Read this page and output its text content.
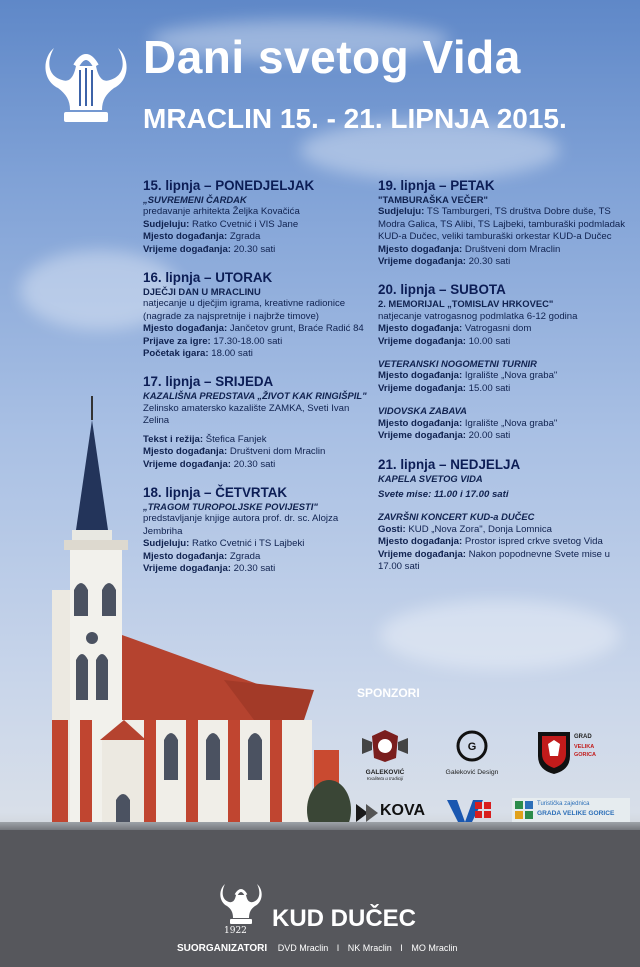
Dani svetog Vida
MRACLIN 15. - 21. LIPNJA 2015.
15. lipnja – PONEDJELJAK
„SUVREMENI ČARDAK
predavanje arhitekta Željka Kovačića
Sudjeluju: Ratko Cvetnić i VIS Jane
Mjesto događanja: Zgrada
Vrijeme događanja: 20.30 sati
16. lipnja – UTORAK
DJEČJI DAN U MRACLINU
natjecanje u dječjim igrama, kreativne radionice (nagrade za najspretnije i najbrže timove)
Mjesto događanja: Jančetov grunt, Braće Radić 84
Prijave za igre: 17.30-18.00 sati
Početak igara: 18.00 sati
17. lipnja – SRIJEDA
KAZALIŠNA PREDSTAVA „ŽIVOT KAK RINGIŠPIL"
Zelinsko amatersko kazalište ZAMKA, Sveti Ivan Zelina
Tekst i režija: Štefica Fanjek
Mjesto događanja: Društveni dom Mraclin
Vrijeme događanja: 20.30 sati
18. lipnja – ČETVRTAK
„TRAGOM TUROPOLJSKE POVIJESTI"
predstavljanje knjige autora prof. dr. sc. Alojza Jembriha
Sudjeluju: Ratko Cvetnić i TS Lajbeki
Mjesto događanja: Zgrada
Vrijeme događanja: 20.30 sati
19. lipnja – PETAK
"TAMBURAŠKA VEČER"
Sudjeluju: TS Tamburgeri, TS društva Dobre duše, TS Modra Galica, TS Alibi, TS Lajbeki, tamburaški podmladak KUD-a Dučec, veliki tamburaški orkestar KUD-a Dučec
Mjesto događanja: Društveni dom Mraclin
Vrijeme događanja: 20.30 sati
20. lipnja – SUBOTA
2. MEMORIJAL „TOMISLAV HRKOVEC"
natjecanje vatrogasnog podmlatka 6-12 godina
Mjesto događanja: Vatrogasni dom
Vrijeme događanja: 10.00 sati
VETERANSKI NOGOMETNI TURNIR
Mjesto događanja: Igralište „Nova graba"
Vrijeme događanja: 15.00 sati
VIDOVSKA ZABAVA
Mjesto događanja: Igralište „Nova graba"
Vrijeme događanja: 20.00 sati
21. lipnja – NEDJELJA
KAPELA SVETOG VIDA
Svete mise: 11.00 i 17.00 sati
ZAVRŠNI KONCERT KUD-a DUČEC
Gosti: KUD „Nova Zora", Donja Lomnica
Mjesto događanja: Prostor ispred crkve svetog Vida
Vrijeme događanja: Nakon popodnevne Svete mise u 17.00 sati
SPONZORI
GALEKOVIĆ
Kvaliteta u tradiciji
G
Galeković Design
GRAD
VELIKA
GORICA
KOVA	Turistička zajednica
GRADA VELIKE GORICE
1922 KUD DUČEC
SUORGANIZATORI DVD Mraclin I NK Mraclin I MO Mraclin
